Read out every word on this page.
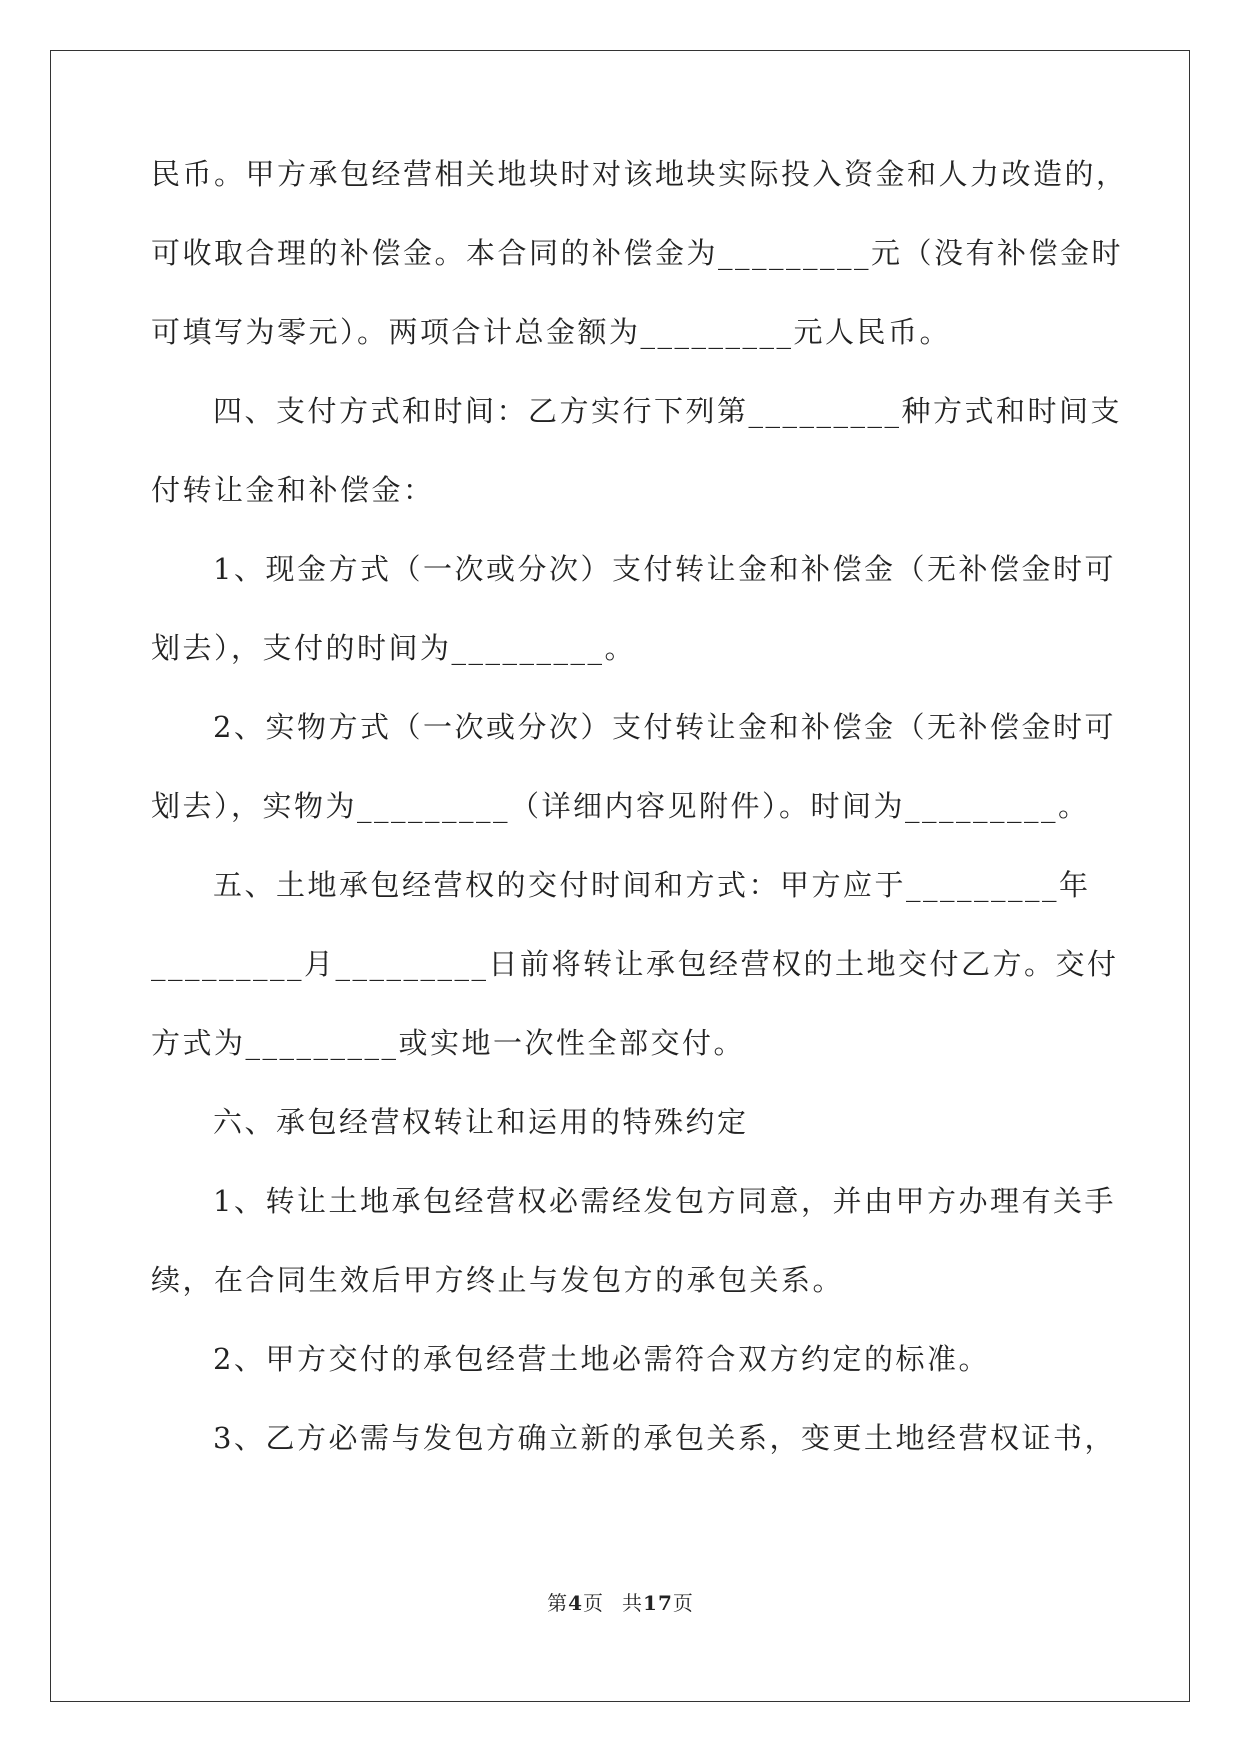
民币。甲方承包经营相关地块时对该地块实际投入资金和人力改造的，
可收取合理的补偿金。本合同的补偿金为_________元（没有补偿金时
可填写为零元）。两项合计总金额为_________元人民币。
四、支付方式和时间：乙方实行下列第_________种方式和时间支
付转让金和补偿金：
1、现金方式（一次或分次）支付转让金和补偿金（无补偿金时可
划去），支付的时间为_________。
2、实物方式（一次或分次）支付转让金和补偿金（无补偿金时可
划去），实物为_________（详细内容见附件）。时间为_________。
五、土地承包经营权的交付时间和方式：甲方应于_________年
_________月_________日前将转让承包经营权的土地交付乙方。交付
方式为_________或实地一次性全部交付。
六、承包经营权转让和运用的特殊约定
1、转让土地承包经营权必需经发包方同意，并由甲方办理有关手
续，在合同生效后甲方终止与发包方的承包关系。
2、甲方交付的承包经营土地必需符合双方约定的标准。
3、乙方必需与发包方确立新的承包关系，变更土地经营权证书，
第4页 共17页
